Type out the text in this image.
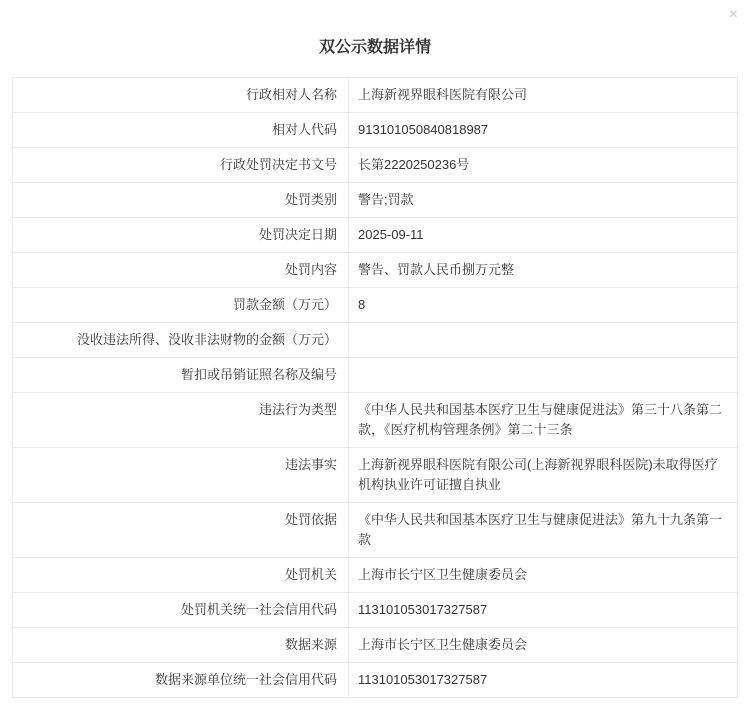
×
双公示数据详情
行政相对人名称	上海新视界眼科医院有限公司
相对人代码	913101050840818987
行政处罚决定书文号	长第2220250236号
处罚类别	警告;罚款
处罚决定日期	2025-09-11
处罚内容	警告、罚款人民币捌万元整
罚款金额（万元）	8
没收违法所得、没收非法财物的金额（万元）	
暂扣或吊销证照名称及编号	
违法行为类型	《中华人民共和国基本医疗卫生与健康促进法》第三十八条第二款，《医疗机构管理条例》第二十三条
违法事实	上海新视界眼科医院有限公司(上海新视界眼科医院)未取得医疗机构执业许可证擅自执业
处罚依据	《中华人民共和国基本医疗卫生与健康促进法》第九十九条第一款
处罚机关	上海市长宁区卫生健康委员会
处罚机关统一社会信用代码	113101053017327587
数据来源	上海市长宁区卫生健康委员会
数据来源单位统一社会信用代码	113101053017327587
